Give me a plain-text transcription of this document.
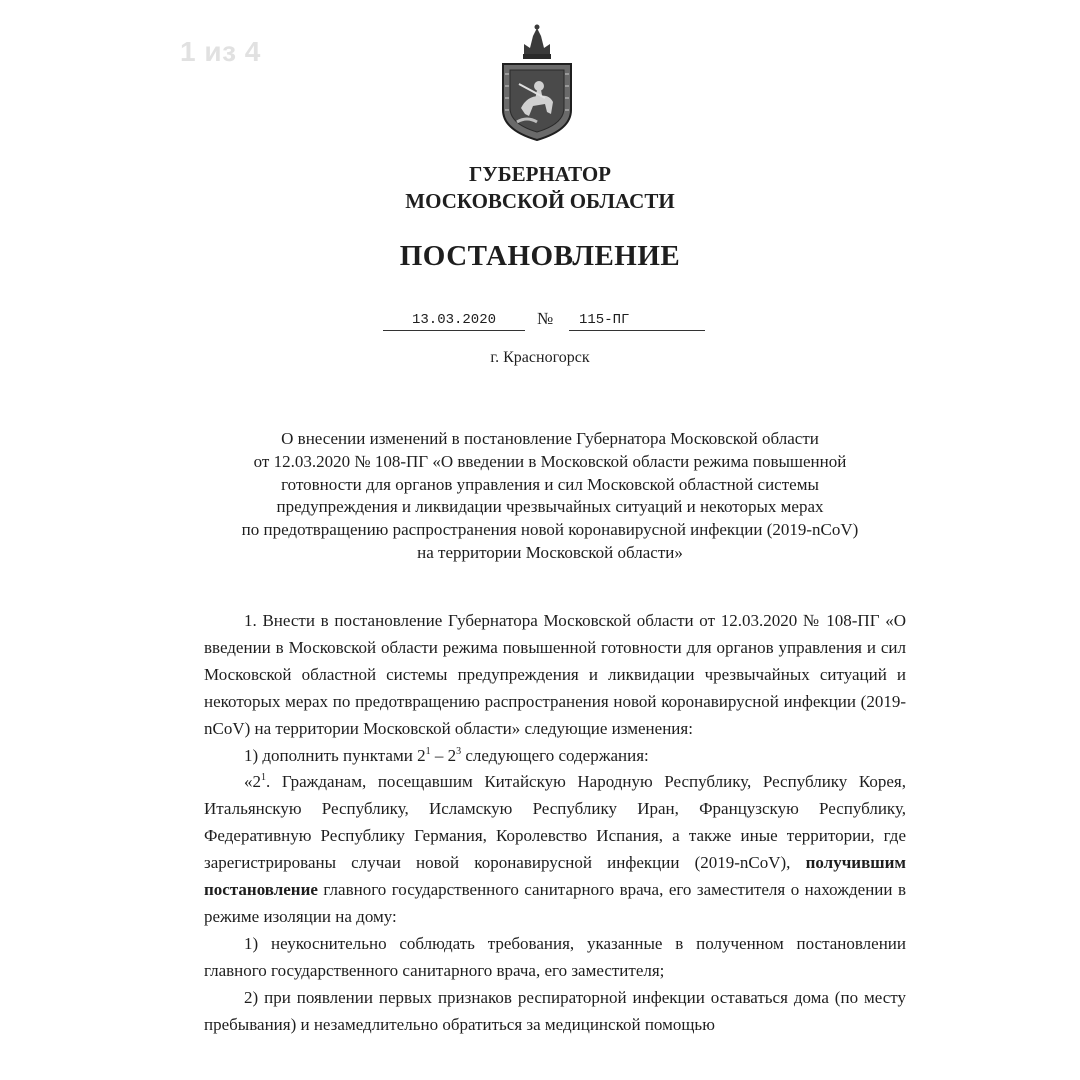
1 из 4
ГУБЕРНАТОР
МОСКОВСКОЙ ОБЛАСТИ
ПОСТАНОВЛЕНИЕ
13.03.2020	№	115-ПГ
г. Красногорск
О внесении изменений в постановление Губернатора Московской области
от 12.03.2020 № 108-ПГ «О введении в Московской области режима повышенной
готовности для органов управления и сил Московской областной системы
предупреждения и ликвидации чрезвычайных ситуаций и некоторых мерах
по предотвращению распространения новой коронавирусной инфекции (2019-nCoV)
на территории Московской области»

1. Внести в постановление Губернатора Московской области от 12.03.2020 № 108-ПГ «О введении в Московской области режима повышенной готовности для органов управления и сил Московской областной системы предупреждения и ликвидации чрезвычайных ситуаций и некоторых мерах по предотвращению распространения новой коронавирусной инфекции (2019-nCoV) на территории Московской области» следующие изменения:

1) дополнить пунктами $2^1 - 2^3$ следующего содержания:

«$2^1$. Гражданам, посещавшим Китайскую Народную Республику, Республику Корея, Итальянскую Республику, Исламскую Республику Иран, Французскую Республику, Федеративную Республику Германия, Королевство Испания, а также иные территории, где зарегистрированы случаи новой коронавирусной инфекции (2019-nCoV), получившим постановление главного государственного санитарного врача, его заместителя о нахождении в режиме изоляции на дому:

1) неукоснительно соблюдать требования, указанные в полученном постановлении главного государственного санитарного врача, его заместителя;

2) при появлении первых признаков респираторной инфекции оставаться дома (по месту пребывания) и незамедлительно обратиться за медицинской помощью
